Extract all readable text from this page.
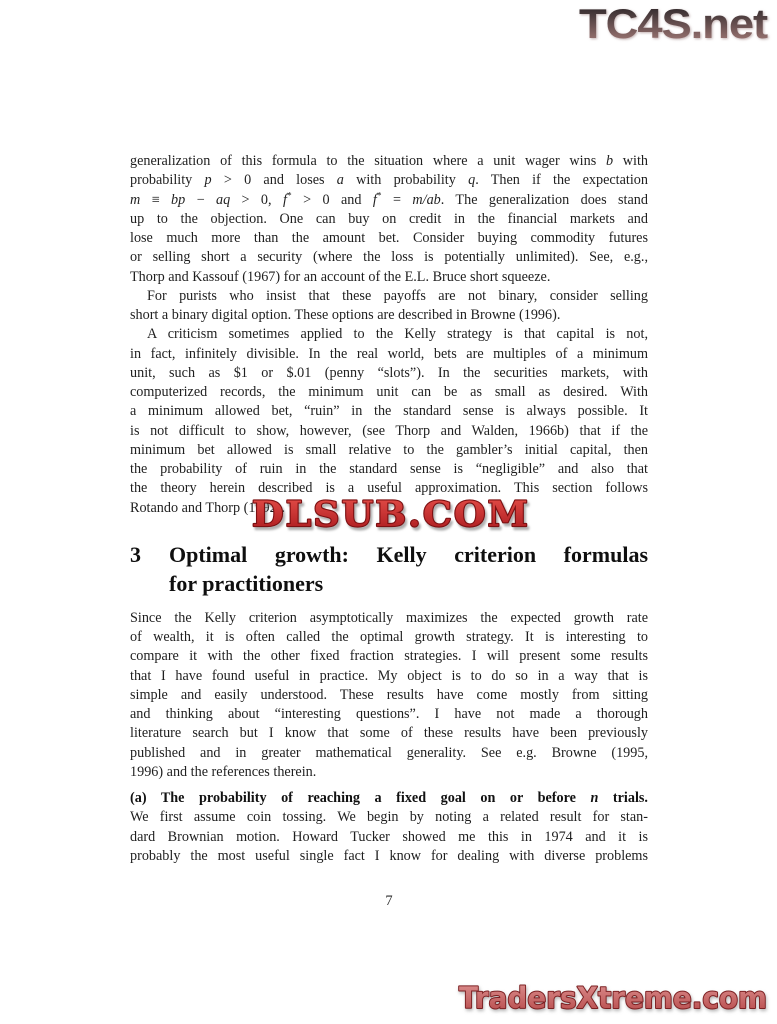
generalization of this formula to the situation where a unit wager wins b with
probability p > 0 and loses a with probability q. Then if the expectation
m ≡ bp − aq > 0, f* > 0 and f* = m/ab. The generalization does stand
up to the objection. One can buy on credit in the financial markets and
lose much more than the amount bet. Consider buying commodity futures
or selling short a security (where the loss is potentially unlimited). See, e.g.,
Thorp and Kassouf (1967) for an account of the E.L. Bruce short squeeze.
For purists who insist that these payoffs are not binary, consider selling
short a binary digital option. These options are described in Browne (1996).
A criticism sometimes applied to the Kelly strategy is that capital is not,
in fact, infinitely divisible. In the real world, bets are multiples of a minimum
unit, such as $1 or $.01 (penny “slots”). In the securities markets, with
computerized records, the minimum unit can be as small as desired. With
a minimum allowed bet, “ruin” in the standard sense is always possible. It
is not difficult to show, however, (see Thorp and Walden, 1966b) that if the
minimum bet allowed is small relative to the gambler’s initial capital, then
the probability of ruin in the standard sense is “negligible” and also that
the theory herein described is a useful approximation. This section follows
Rotando and Thorp (1992).
3	Optimal growth: Kelly criterion formulas
for practitioners
Since the Kelly criterion asymptotically maximizes the expected growth rate
of wealth, it is often called the optimal growth strategy. It is interesting to
compare it with the other fixed fraction strategies. I will present some results
that I have found useful in practice. My object is to do so in a way that is
simple and easily understood. These results have come mostly from sitting
and thinking about “interesting questions”. I have not made a thorough
literature search but I know that some of these results have been previously
published and in greater mathematical generality. See e.g. Browne (1995,
1996) and the references therein.
(a) The probability of reaching a fixed goal on or before n trials.
We first assume coin tossing. We begin by noting a related result for stan-
dard Brownian motion. Howard Tucker showed me this in 1974 and it is
probably the most useful single fact I know for dealing with diverse problems
7
TC4S.net
DLSUB.COM
TradersXtreme.com
